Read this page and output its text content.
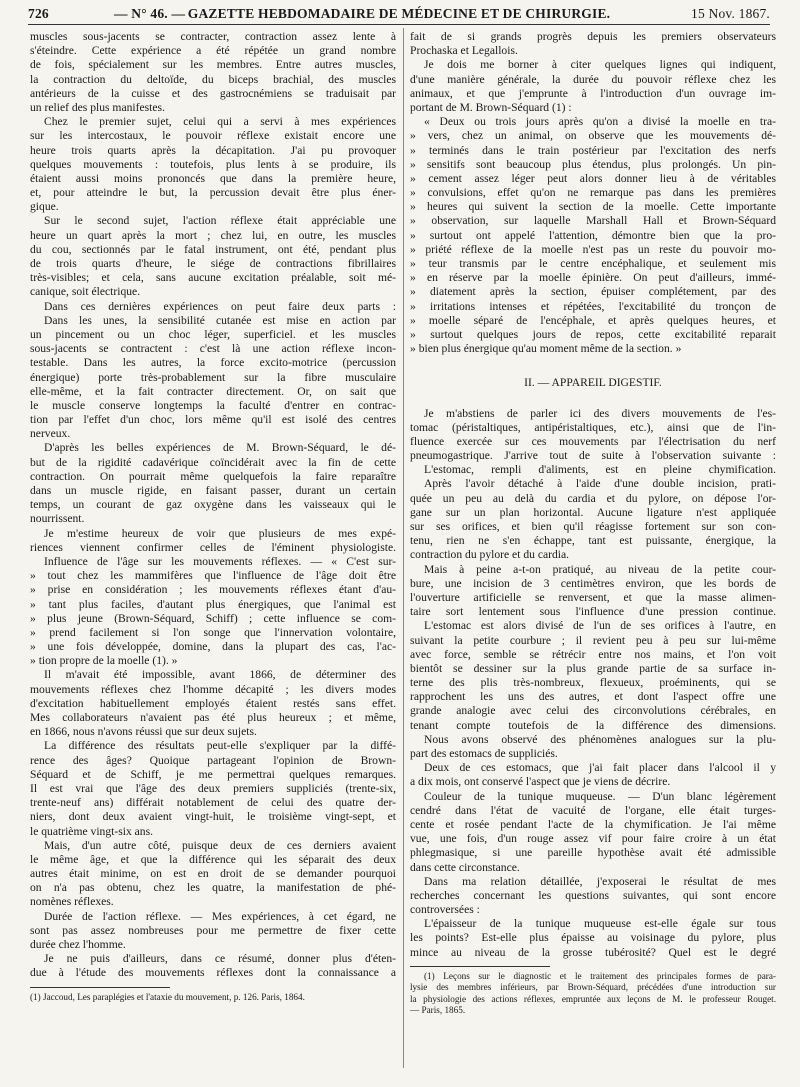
726	— N° 46. — GAZETTE HEBDOMADAIRE DE MÉDECINE ET DE CHIRURGIE.	15 Nov. 1867.
muscles sous-jacents se contracter, contraction assez lente à
s'éteindre. Cette expérience a été répétée un grand nombre
de fois, spécialement sur les membres. Entre autres muscles,
la contraction du deltoïde, du biceps brachial, des muscles
antérieurs de la cuisse et des gastrocnémiens se traduisait par
un relief des plus manifestes.
Chez le premier sujet, celui qui a servi à mes expériences
sur les intercostaux, le pouvoir réflexe existait encore une
heure trois quarts après la décapitation. J'ai pu provoquer
quelques mouvements : toutefois, plus lents à se produire, ils
étaient aussi moins prononcés que dans la première heure,
et, pour atteindre le but, la percussion devait être plus éner-
gique.
Sur le second sujet, l'action réflexe était appréciable une
heure un quart après la mort ; chez lui, en outre, les muscles
du cou, sectionnés par le fatal instrument, ont été, pendant plus
de trois quarts d'heure, le siége de contractions fibrillaires
très-visibles; et cela, sans aucune excitation préalable, soit mé-
canique, soit électrique.
Dans ces dernières expériences on peut faire deux parts :
Dans les unes, la sensibilité cutanée est mise en action par
un pincement ou un choc léger, superficiel. et les muscles
sous-jacents se contractent : c'est là une action réflexe incon-
testable. Dans les autres, la force excito-motrice (percussion
énergique) porte très-probablement sur la fibre musculaire
elle-même, et la fait contracter directement. Or, on sait que
le muscle conserve longtemps la faculté d'entrer en contrac-
tion par l'effet d'un choc, lors même qu'il est isolé des centres
nerveux.
D'après les belles expériences de M. Brown-Séquard, le dé-
but de la rigidité cadavérique coïncidérait avec la fin de cette
contraction. On pourrait même quelquefois la faire reparaître
dans un muscle rigide, en faisant passer, durant un certain
temps, un courant de gaz oxygène dans les vaisseaux qui le
nourrissent.
Je m'estime heureux de voir que plusieurs de mes expé-
riences viennent confirmer celles de l'éminent physiologiste.
Influence de l'âge sur les mouvements réflexes. — « C'est sur-
» tout chez les mammifères que l'influence de l'âge doit être
» prise en considération ; les mouvements réflexes étant d'au-
» tant plus faciles, d'autant plus énergiques, que l'animal est
» plus jeune (Brown-Séquard, Schiff) ; cette influence se com-
» prend facilement si l'on songe que l'innervation volontaire,
» une fois développée, domine, dans la plupart des cas, l'ac-
» tion propre de la moelle (1). »
Il m'avait été impossible, avant 1866, de déterminer des
mouvements réflexes chez l'homme décapité ; les divers modes
d'excitation habituellement employés étaient restés sans effet.
Mes collaborateurs n'avaient pas été plus heureux ; et même,
en 1866, nous n'avons réussi que sur deux sujets.
La différence des résultats peut-elle s'expliquer par la diffé-
rence des âges? Quoique partageant l'opinion de Brown-
Séquard et de Schiff, je me permettrai quelques remarques.
Il est vrai que l'âge des deux premiers suppliciés (trente-six,
trente-neuf ans) différait notablement de celui des quatre der-
niers, dont deux avaient vingt-huit, le troisième vingt-sept, et
le quatrième vingt-six ans.
Mais, d'un autre côté, puisque deux de ces derniers avaient
le même âge, et que la différence qui les séparait des deux
autres était minime, on est en droit de se demander pourquoi
on n'a pas obtenu, chez les quatre, la manifestation de phé-
nomènes réflexes.
Durée de l'action réflexe. — Mes expériences, à cet égard, ne
sont pas assez nombreuses pour me permettre de fixer cette
durée chez l'homme.
Je ne puis d'ailleurs, dans ce résumé, donner plus d'éten-
due à l'étude des mouvements réflexes dont la connaissance a
(1) Jaccoud, Les paraplégies et l'ataxie du mouvement, p. 126. Paris, 1864.
fait de si grands progrès depuis les premiers observateurs
Prochaska et Legallois.
Je dois me borner à citer quelques lignes qui indiquent,
d'une manière générale, la durée du pouvoir réflexe chez les
animaux, et que j'emprunte à l'introduction d'un ouvrage im-
portant de M. Brown-Séquard (1) :
« Deux ou trois jours après qu'on a divisé la moelle en tra-
» vers, chez un animal, on observe que les mouvements dé-
» terminés dans le train postérieur par l'excitation des nerfs
» sensitifs sont beaucoup plus étendus, plus prolongés. Un pin-
» cement assez léger peut alors donner lieu à de véritables
» convulsions, effet qu'on ne remarque pas dans les premières
» heures qui suivent la section de la moelle. Cette importante
» observation, sur laquelle Marshall Hall et Brown-Séquard
» surtout ont appelé l'attention, démontre bien que la pro-
» priété réflexe de la moelle n'est pas un reste du pouvoir mo-
» teur transmis par le centre encéphalique, et seulement mis
» en réserve par la moelle épinière. On peut d'ailleurs, immé-
» diatement après la section, épuiser complétement, par des
» irritations intenses et répétées, l'excitabilité du tronçon de
» moelle séparé de l'encéphale, et après quelques heures, et
» surtout quelques jours de repos, cette excitabilité reparait
» bien plus énergique qu'au moment même de la section. »
II. — APPAREIL DIGESTIF.
Je m'abstiens de parler ici des divers mouvements de l'es-
tomac (péristaltiques, antipéristaltiques, etc.), ainsi que de l'in-
fluence exercée sur ces mouvements par l'électrisation du nerf
pneumogastrique. J'arrive tout de suite à l'observation suivante :
L'estomac, rempli d'aliments, est en pleine chymification.
Après l'avoir détaché à l'aide d'une double incision, prati-
quée un peu au delà du cardia et du pylore, on dépose l'or-
gane sur un plan horizontal. Aucune ligature n'est appliquée
sur ses orifices, et bien qu'il réagisse fortement sur son con-
tenu, rien ne s'en échappe, tant est puissante, énergique, la
contraction du pylore et du cardia.
Mais à peine a-t-on pratiqué, au niveau de la petite cour-
bure, une incision de 3 centimètres environ, que les bords de
l'ouverture artificielle se renversent, et que la masse alimen-
taire sort lentement sous l'influence d'une pression continue.
L'estomac est alors divisé de l'un de ses orifices à l'autre, en
suivant la petite courbure ; il revient peu à peu sur lui-même
avec force, semble se rétrécir entre nos mains, et l'on voit
bientôt se dessiner sur la plus grande partie de sa surface in-
terne des plis très-nombreux, flexueux, proéminents, qui se
rapprochent les uns des autres, et dont l'aspect offre une
grande analogie avec celui des circonvolutions cérébrales, en
tenant compte toutefois de la différence des dimensions.
Nous avons observé des phénomènes analogues sur la plu-
part des estomacs de suppliciés.
Deux de ces estomacs, que j'ai fait placer dans l'alcool il y
a dix mois, ont conservé l'aspect que je viens de décrire.
Couleur de la tunique muqueuse. — D'un blanc légèrement
cendré dans l'état de vacuité de l'organe, elle était turges-
cente et rosée pendant l'acte de la chymification. Je l'ai même
vue, une fois, d'un rouge assez vif pour faire croire à un état
phlegmasique, si une pareille hypothèse avait été admissible
dans cette circonstance.
Dans ma relation détaillée, j'exposerai le résultat de mes
recherches concernant les questions suivantes, qui sont encore
controversées :
L'épaisseur de la tunique muqueuse est-elle égale sur tous
les points? Est-elle plus épaisse au voisinage du pylore, plus
mince au niveau de la grosse tubérosité? Quel est le degré
(1) Leçons sur le diagnostic et le traitement des principales formes de para-
lysie des membres inférieurs, par Brown-Séquard, précédées d'une introduction sur
la physiologie des actions réflexes, empruntée aux leçons de M. le professeur Rouget.
— Paris, 1865.
